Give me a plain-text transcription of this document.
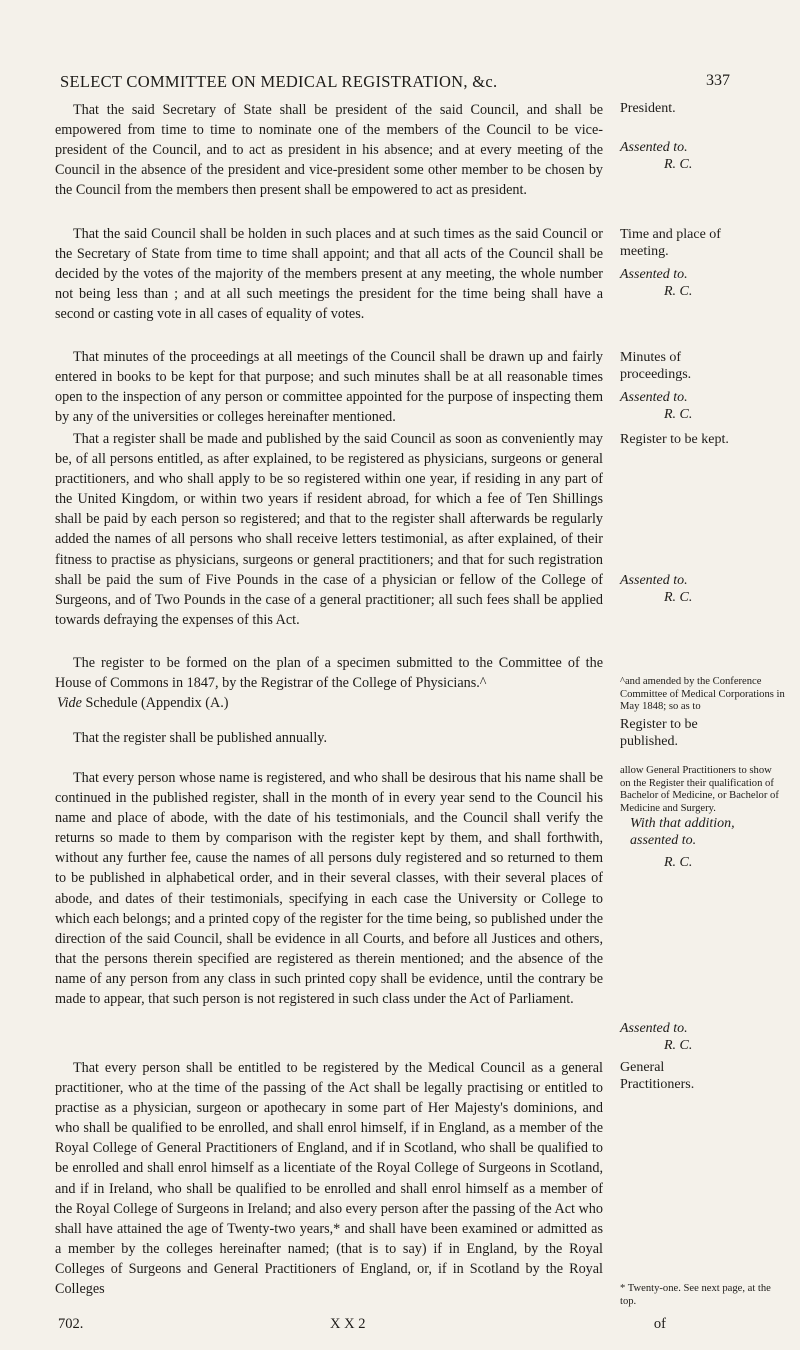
SELECT COMMITTEE ON MEDICAL REGISTRATION, &c.	337

That the said Secretary of State shall be president of the said Council, and shall be empowered from time to time to nominate one of the members of the Council to be vice-president of the Council, and to act as president in his absence; and at every meeting of the Council in the absence of the president and vice-president some other member to be chosen by the Council from the members then present shall be empowered to act as president.

That the said Council shall be holden in such places and at such times as the said Council or the Secretary of State from time to time shall appoint; and that all acts of the Council shall be decided by the votes of the majority of the members present at any meeting, the whole number not being less than ; and at all such meetings the president for the time being shall have a second or casting vote in all cases of equality of votes.

That minutes of the proceedings at all meetings of the Council shall be drawn up and fairly entered in books to be kept for that purpose; and such minutes shall be at all reasonable times open to the inspection of any person or committee appointed for the purpose of inspecting them by any of the universities or colleges hereinafter mentioned.

That a register shall be made and published by the said Council as soon as conveniently may be, of all persons entitled, as after explained, to be registered as physicians, surgeons or general practitioners, and who shall apply to be so registered within one year, if residing in any part of the United Kingdom, or within two years if resident abroad, for which a fee of Ten Shillings shall be paid by each person so registered; and that to the register shall afterwards be regularly added the names of all persons who shall receive letters testimonial, as after explained, of their fitness to practise as physicians, surgeons or general practitioners; and that for such registration shall be paid the sum of Five Pounds in the case of a physician or fellow of the College of Surgeons, and of Two Pounds in the case of a general practitioner; all such fees shall be applied towards defraying the expenses of this Act.

The register to be formed on the plan of a specimen submitted to the Committee of the House of Commons in 1847, by the Registrar of the College of Physicians.^

Vide Schedule (Appendix (A.)

That the register shall be published annually.

That every person whose name is registered, and who shall be desirous that his name shall be continued in the published register, shall in the month of in every year send to the Council his name and place of abode, with the date of his testimonials, and the Council shall verify the returns so made to them by comparison with the register kept by them, and shall forthwith, without any further fee, cause the names of all persons duly registered and so returned to them to be published in alphabetical order, and in their several classes, with their several places of abode, and dates of their testimonials, specifying in each case the University or College to which each belongs; and a printed copy of the register for the time being, so published under the direction of the said Council, shall be evidence in all Courts, and before all Justices and others, that the persons therein specified are registered as therein mentioned; and the absence of the name of any person from any class in such printed copy shall be evidence, until the contrary be made to appear, that such person is not registered in such class under the Act of Parliament.

That every person shall be entitled to be registered by the Medical Council as a general practitioner, who at the time of the passing of the Act shall be legally practising or entitled to practise as a physician, surgeon or apothecary in some part of Her Majesty's dominions, and who shall be qualified to be enrolled, and shall enrol himself, if in England, as a member of the Royal College of General Practitioners of England, and if in Scotland, who shall be qualified to be enrolled and shall enrol himself as a licentiate of the Royal College of Surgeons in Scotland, and if in Ireland, who shall be qualified to be enrolled and shall enrol himself as a member of the Royal College of Surgeons in Ireland; and also every person after the passing of the Act who shall have attained the age of Twenty-two years,* and shall have been examined or admitted as a member by the colleges hereinafter named; (that is to say) if in England, by the Royal Colleges of Surgeons and General Practitioners of England, or, if in Scotland by the Royal Colleges

President.
Assented to.
R. C.
Time and place of meeting.
Assented to.
R. C.
Minutes of proceedings.
Assented to.
R. C.
Register to be kept.
Assented to.
R. C.
^and amended by the Conference Committee of Medical Corporations in May 1848; so as to
Register to be published.
allow General Practitioners to show on the Register their qualification of Bachelor of Medicine, or Bachelor of Medicine and Surgery.
With that addition, assented to.
R. C.
Assented to.
R. C.
General Practitioners.
* Twenty-one. See next page, at the top.
702.	X X 2	of
